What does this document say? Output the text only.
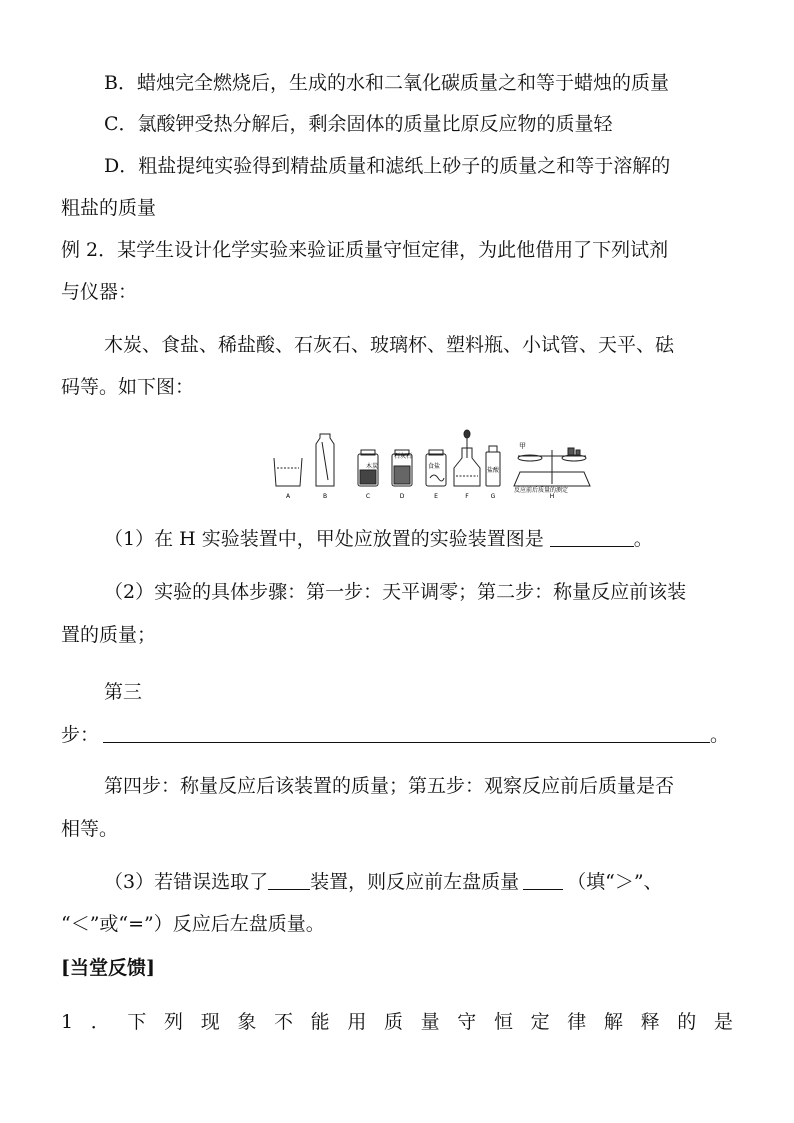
B．蜡烛完全燃烧后，生成的水和二氧化碳质量之和等于蜡烛的质量
C．氯酸钾受热分解后，剩余固体的质量比原反应物的质量轻
D．粗盐提纯实验得到精盐质量和滤纸上砂子的质量之和等于溶解的
粗盐的质量
例 2．某学生设计化学实验来验证质量守恒定律，为此他借用了下列试剂
与仪器：
木炭、食盐、稀盐酸、石灰石、玻璃杯、塑料瓶、小试管、天平、砝
码等。如下图：
木炭
石灰石
食盐
盐酸
甲
反应前后质量的测定
A	B	C	D	E	F	G	H
（1）在 H 实验装置中，甲处应放置的实验装置图是	。
（2）实验的具体步骤：第一步：天平调零；第二步：称量反应前该装
置的质量；
第三
步：	。
第四步：称量反应后该装置的质量；第五步：观察反应前后质量是否
相等。
（3）若错误选取了 装置，则反应前左盘质量	（填“＞”、
“＜”或“=”）反应后左盘质量。
[当堂反馈]
1 ． 下 列 现 象 不 能 用 质 量 守 恒 定 律 解 释 的 是
